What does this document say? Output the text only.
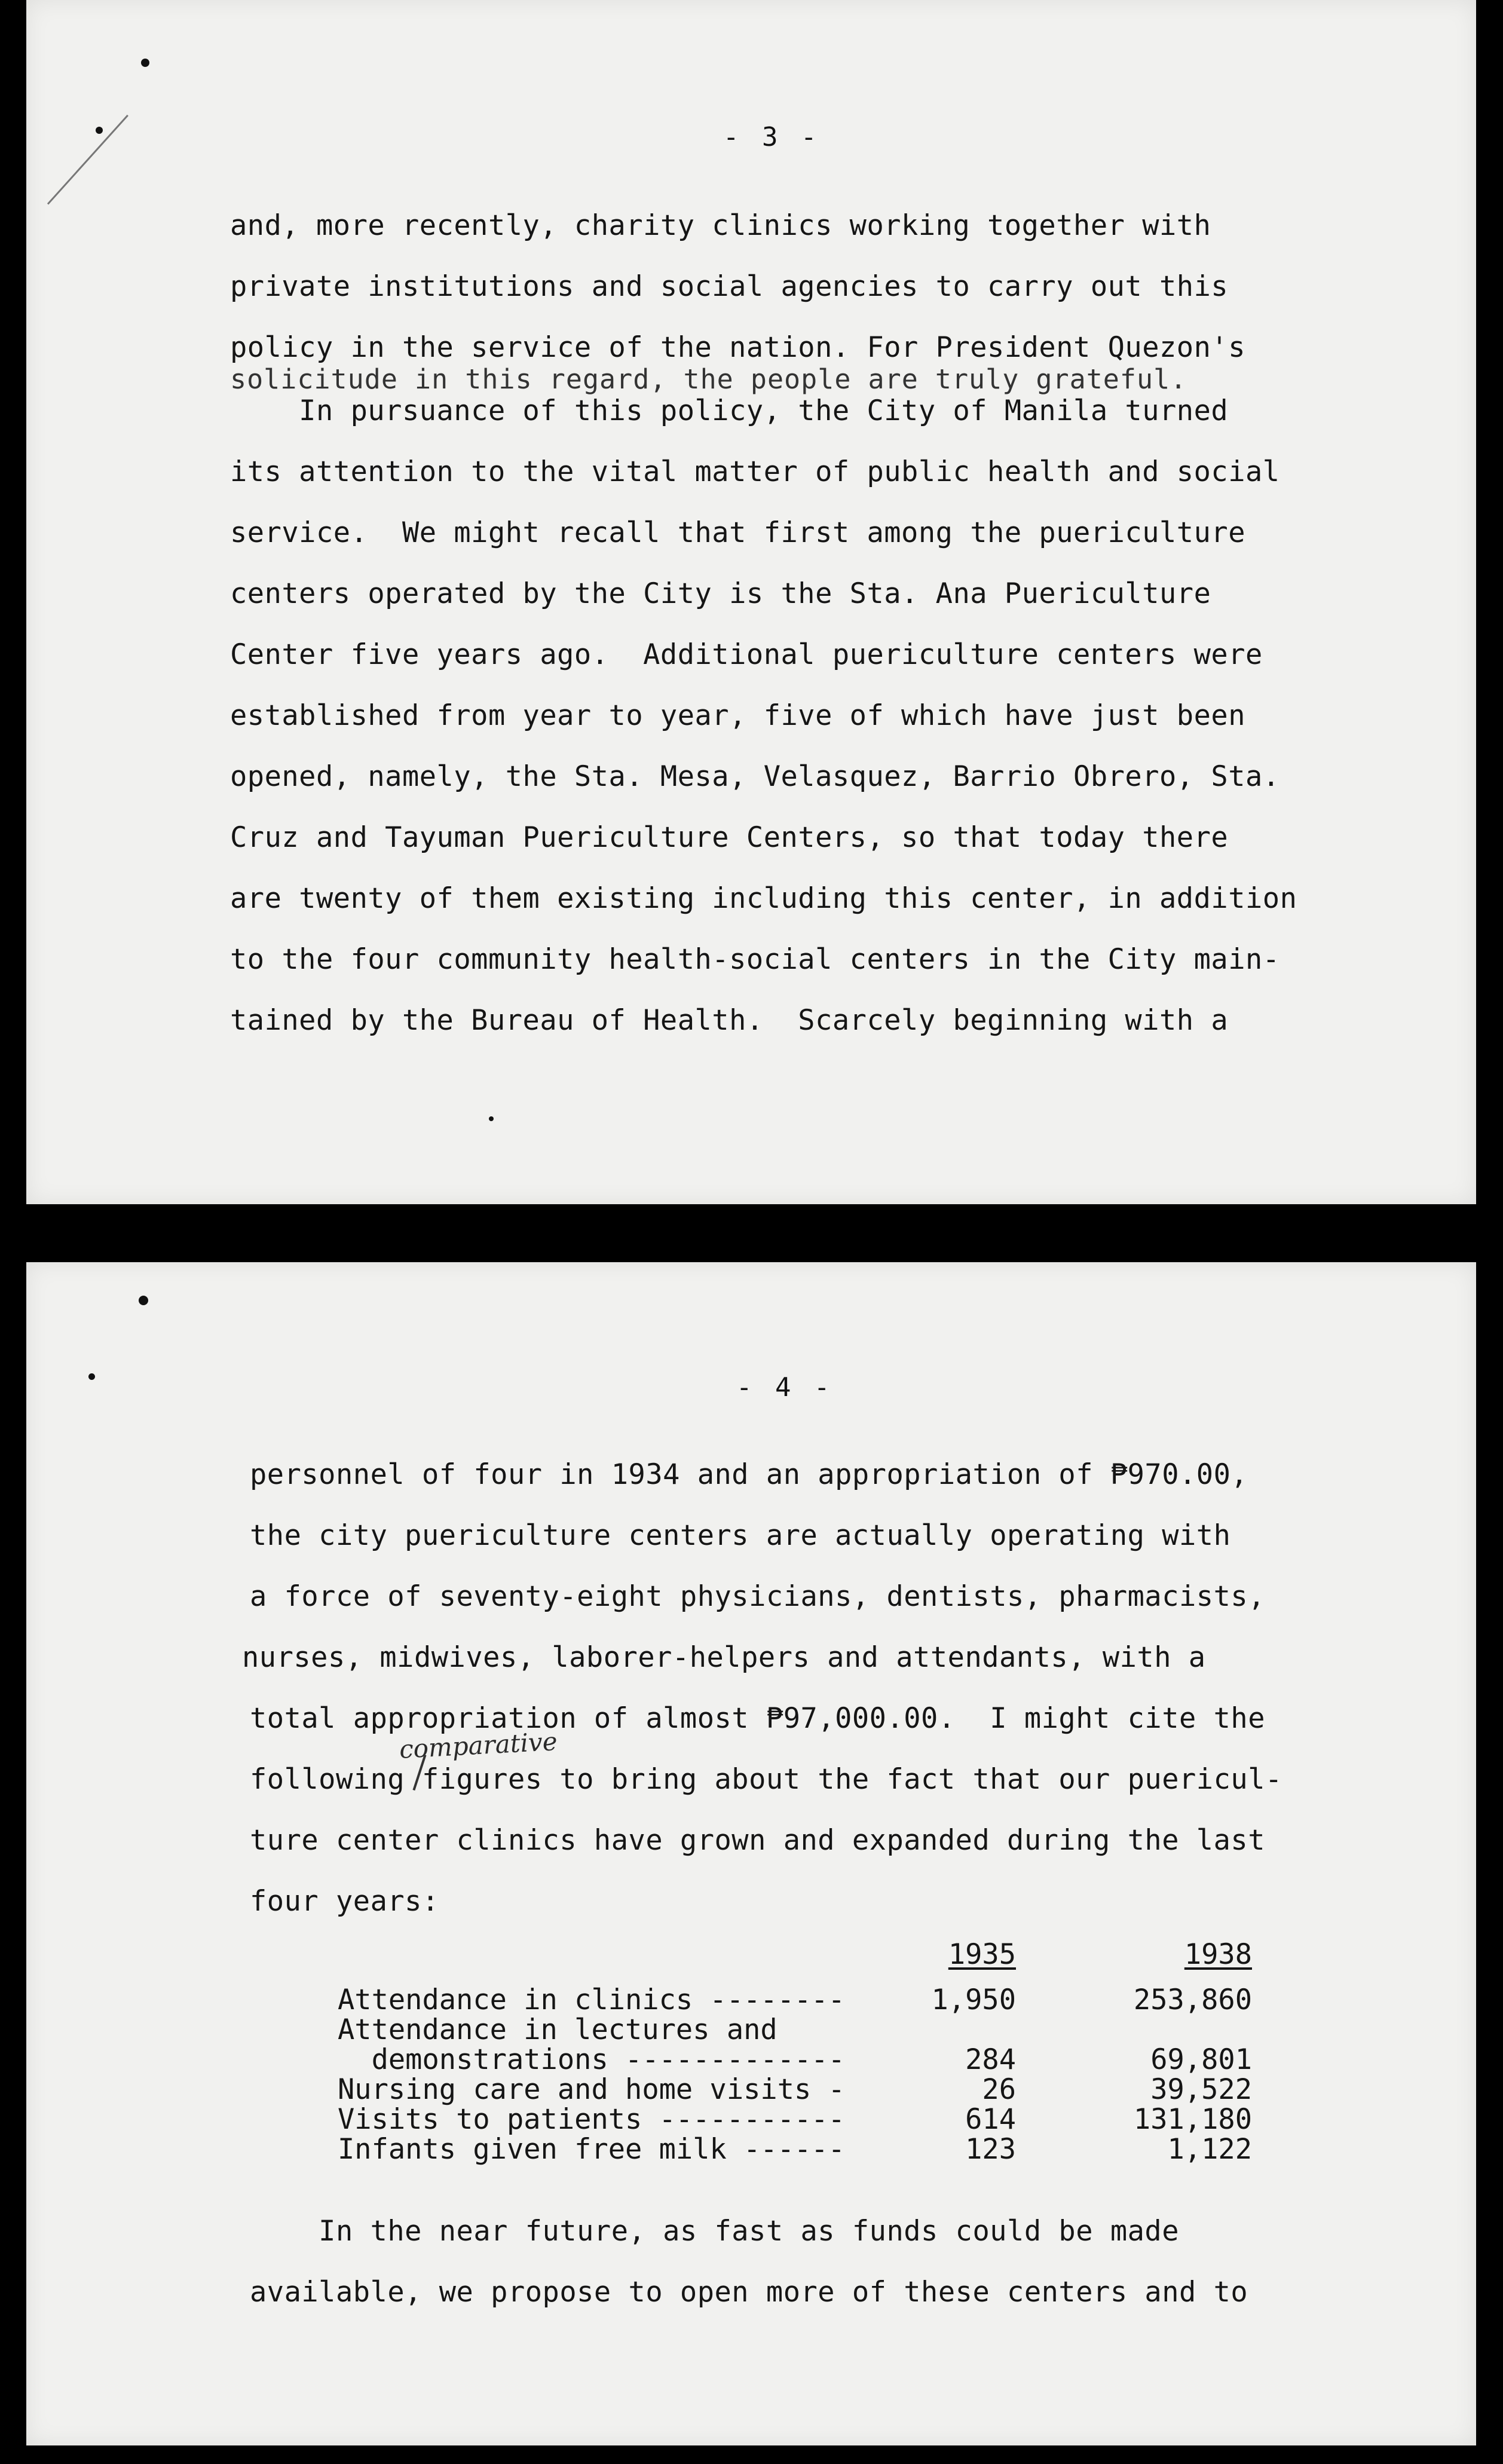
- 3 -
and, more recently, charity clinics working together with
private institutions and social agencies to carry out this
policy in the service of the nation. For President Quezon's
solicitude in this regard, the people are truly grateful.
In pursuance of this policy, the City of Manila turned
its attention to the vital matter of public health and social
service.  We might recall that first among the puericulture
centers operated by the City is the Sta. Ana Puericulture
Center five years ago.  Additional puericulture centers were
established from year to year, five of which have just been
opened, namely, the Sta. Mesa, Velasquez, Barrio Obrero, Sta.
Cruz and Tayuman Puericulture Centers, so that today there
are twenty of them existing including this center, in addition
to the four community health-social centers in the City main-
tained by the Bureau of Health.  Scarcely beginning with a
- 4 -
personnel of four in 1934 and an appropriation of ₱970.00,
the city puericulture centers are actually operating with
a force of seventy-eight physicians, dentists, pharmacists,
nurses, midwives, laborer-helpers and attendants, with a
total appropriation of almost ₱97,000.00.  I might cite the
comparative
following figures to bring about the fact that our puericul-
ture center clinics have grown and expanded during the last
four years:
	1935	1938
Attendance in clinics --------	1,950	253,860
Attendance in lectures and		
demonstrations -------------	284	69,801
Nursing care and home visits -	26	39,522
Visits to patients -----------	614	131,180
Infants given free milk ------	123	1,122
In the near future, as fast as funds could be made
available, we propose to open more of these centers and to
